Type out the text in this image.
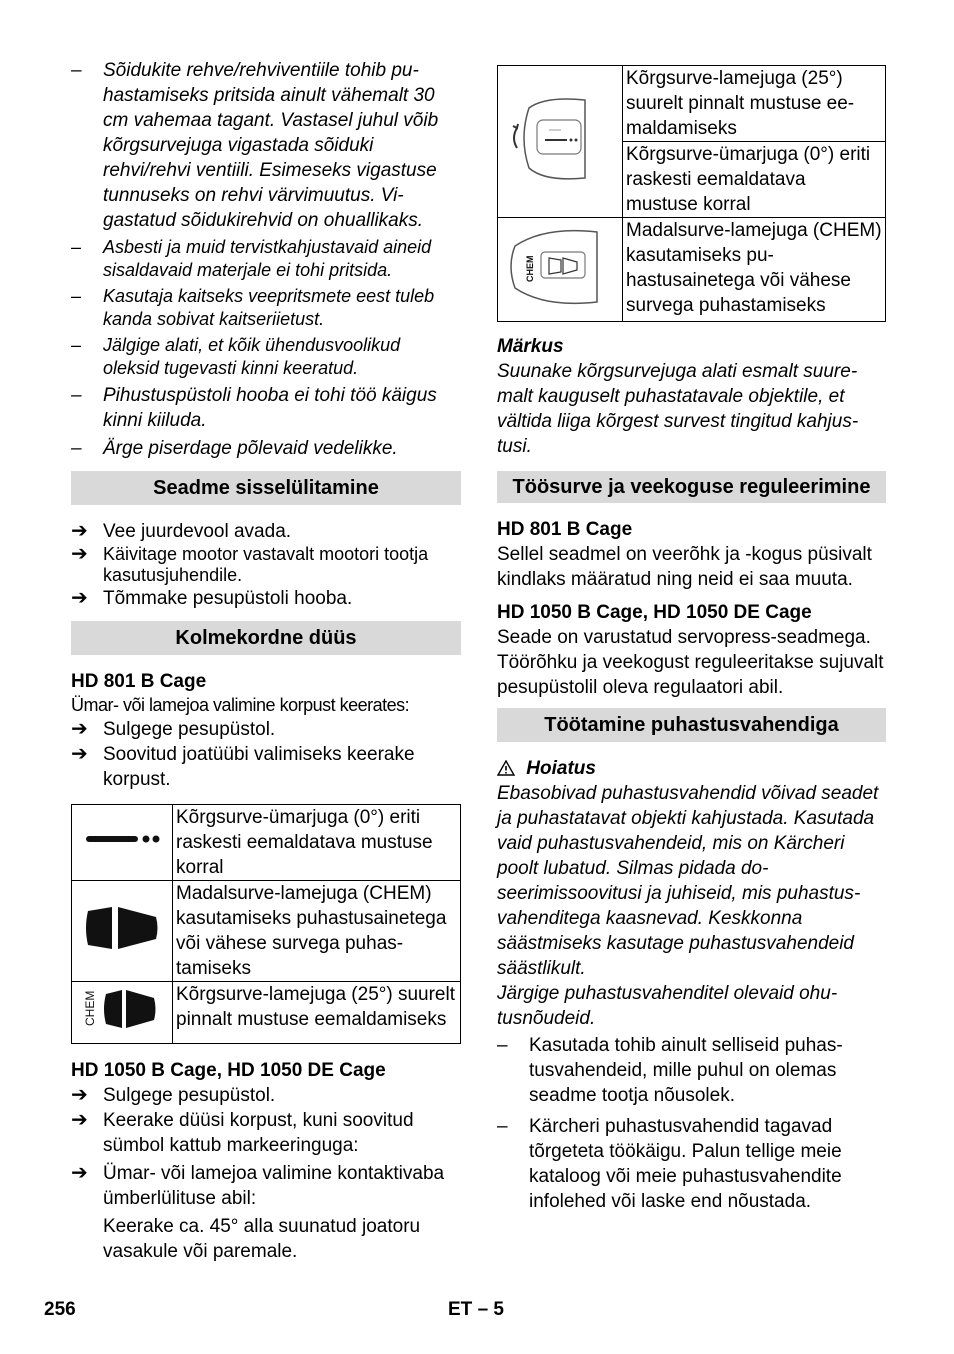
– Sõidukite rehve/rehviventiile tohib puhastamiseks pritsida ainult vähemalt 30 cm vahemaa tagant. Vastasel juhul võib kõrgsurvejuga vigastada sõiduki rehvi/rehvi ventiili. Esimeseks vigastuse tunnuseks on rehvi värvimuutus. Vigastatud sõidukirehvid on ohuallikaks.
– Asbesti ja muid tervistkahjustavaid aineid sisaldavaid materjale ei tohi pritsida.
– Kasutaja kaitseks veepritsmete eest tuleb kanda sobivat kaitseriietust.
– Jälgige alati, et kõik ühendusvoolikud oleksid tugevasti kinni keeratud.
– Pihustuspüstoli hooba ei tohi töö käigus kinni kiiluda.
– Ärge piserdage põlevaid vedelikke.
Seadme sisselülitamine
➔ Vee juurdevool avada.
➔ Käivitage mootor vastavalt mootori tootja kasutusjuhendile.
➔ Tõmmake pesupüstoli hooba.
Kolmekordne düüs
HD 801 B Cage
Ümar- või lamejoa valimine korpust keerates:
➔ Sulgege pesupüstol.
➔ Soovitud joatüübi valimiseks keerake korpust.
	Kõrgsurve-ümarjuga (0°) eriti raskesti eemaldatava mustuse korral
	Madalsurve-lamejuga (CHEM) kasutamiseks puhastusainetega või vähese survega puhastamiseks

CHEM	Kõrgsurve-lamejuga (25°) suurelt pinnalt mustuse eemaldamiseks
HD 1050 B Cage, HD 1050 DE Cage
➔ Sulgege pesupüstol.
➔ Keerake düüsi korpust, kuni soovitud sümbol kattub markeeringuga:
➔ Ümar- või lamejoa valimine kontaktivaba ümberlülituse abil:
Keerake ca. 45° alla suunatud joatoru vasakule või paremale.
	Kõrgsurve-lamejuga (25°) suurelt pinnalt mustuse eemaldamiseks
	Kõrgsurve-ümarjuga (0°) eriti raskesti eemaldatava mustuse korral

CHEM	Madalsurve-lamejuga (CHEM) kasutamiseks puhastusainetega või vähese survega puhastamiseks
Märkus
Suunake kõrgsurvejuga alati esmalt suuremalt kauguselt puhastatavale objektile, et vältida liiga kõrgest survest tingitud kahjustusi.
Töösurve ja veekoguse reguleerimine
HD 801 B Cage
Sellel seadmel on veerõhk ja -kogus püsivalt kindlaks määratud ning neid ei saa muuta.
HD 1050 B Cage, HD 1050 DE Cage
Seade on varustatud servopress-seadmega. Töörõhku ja veekogust reguleeritakse sujuvalt pesupüstolil oleva regulaatori abil.
Töötamine puhastusvahendiga
Hoiatus
Ebasobivad puhastusvahendid võivad seadet ja puhastatavat objekti kahjustada. Kasutada vaid puhastusvahendeid, mis on Kärcheri poolt lubatud. Silmas pidada doseerimissoovitusi ja juhiseid, mis puhastusvahenditega kaasnevad. Keskkonna säästmiseks kasutage puhastusvahendeid säästlikult.
Järgige puhastusvahenditel olevaid ohutusnõudeid.
– Kasutada tohib ainult selliseid puhastusvahendeid, mille puhul on olemas seadme tootja nõusolek.
– Kärcheri puhastusvahendid tagavad tõrgeteta töökäigu. Palun tellige meie kataloog või meie puhastusvahendite infolehed või laske end nõustada.
256	ET – 5
